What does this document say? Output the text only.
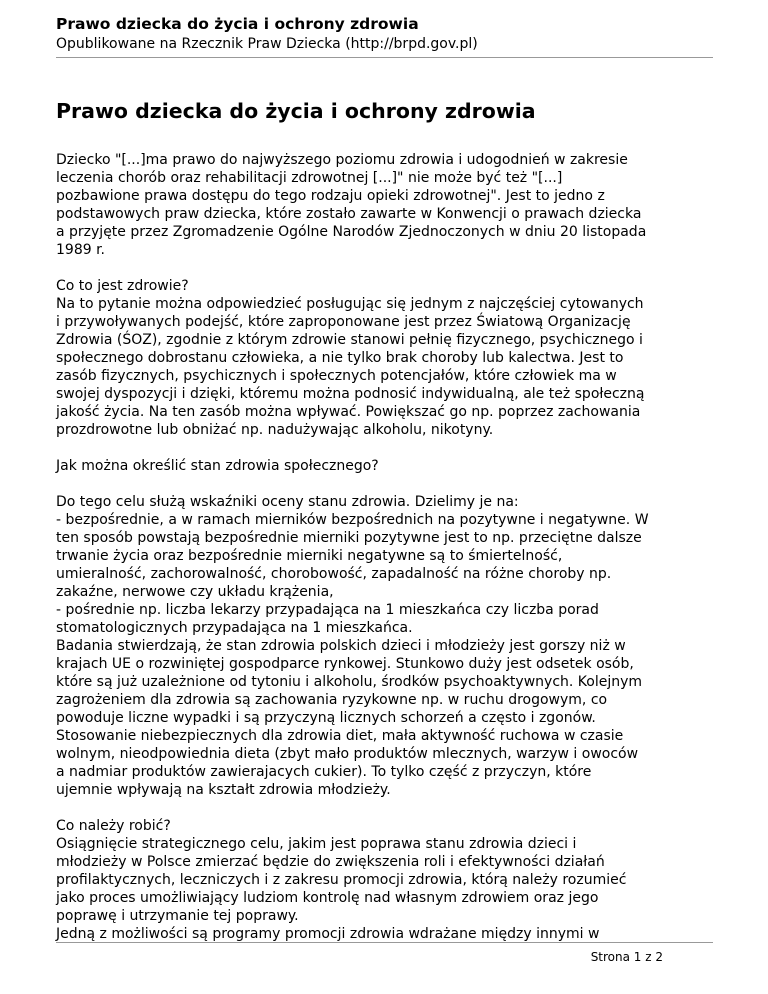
Prawo dziecka do życia i ochrony zdrowia
Opublikowane na Rzecznik Praw Dziecka (http://brpd.gov.pl)
Prawo dziecka do życia i ochrony zdrowia

Dziecko "[...]ma prawo do najwyższego poziomu zdrowia i udogodnień w zakresie
leczenia chorób oraz rehabilitacji zdrowotnej [...]" nie może być też "[...]
pozbawione prawa dostępu do tego rodzaju opieki zdrowotnej". Jest to jedno z
podstawowych praw dziecka, które zostało zawarte w Konwencji o prawach dziecka
a przyjęte przez Zgromadzenie Ogólne Narodów Zjednoczonych w dniu 20 listopada
1989 r.

Co to jest zdrowie?
Na to pytanie można odpowiedzieć posługując się jednym z najczęściej cytowanych
i przywoływanych podejść, które zaproponowane jest przez Światową Organizację
Zdrowia (ŚOZ), zgodnie z którym zdrowie stanowi pełnię fizycznego, psychicznego i
społecznego dobrostanu człowieka, a nie tylko brak choroby lub kalectwa. Jest to
zasób fizycznych, psychicznych i społecznych potencjałów, które człowiek ma w
swojej dyspozycji i dzięki, któremu można podnosić indywidualną, ale też społeczną
jakość życia. Na ten zasób można wpływać. Powiększać go np. poprzez zachowania
prozdrowotne lub obniżać np. nadużywając alkoholu, nikotyny.

Jak można określić stan zdrowia społecznego?

Do tego celu służą wskaźniki oceny stanu zdrowia. Dzielimy je na:
- bezpośrednie, a w ramach mierników bezpośrednich na pozytywne i negatywne. W
ten sposób powstają bezpośrednie mierniki pozytywne jest to np. przeciętne dalsze
trwanie życia oraz bezpośrednie mierniki negatywne są to śmiertelność,
umieralność, zachorowalność, chorobowość, zapadalność na różne choroby np.
zakaźne, nerwowe czy układu krążenia,
- pośrednie np. liczba lekarzy przypadająca na 1 mieszkańca czy liczba porad
stomatologicznych przypadająca na 1 mieszkańca.
Badania stwierdzają, że stan zdrowia polskich dzieci i młodzieży jest gorszy niż w
krajach UE o rozwiniętej gospodparce rynkowej. Stunkowo duży jest odsetek osób,
które są już uzależnione od tytoniu i alkoholu, środków psychoaktywnych. Kolejnym
zagrożeniem dla zdrowia są zachowania ryzykowne np. w ruchu drogowym, co
powoduje liczne wypadki i są przyczyną licznych schorzeń a często i zgonów.
Stosowanie niebezpiecznych dla zdrowia diet, mała aktywność ruchowa w czasie
wolnym, nieodpowiednia dieta (zbyt mało produktów mlecznych, warzyw i owoców
a nadmiar produktów zawierajacych cukier). To tylko część z przyczyn, które
ujemnie wpływają na kształt zdrowia młodzieży.

Co należy robić?
Osiągnięcie strategicznego celu, jakim jest poprawa stanu zdrowia dzieci i
młodzieży w Polsce zmierzać będzie do zwiększenia roli i efektywności działań
profilaktycznych, leczniczych i z zakresu promocji zdrowia, którą należy rozumieć
jako proces umożliwiający ludziom kontrolę nad własnym zdrowiem oraz jego
poprawę i utrzymanie tej poprawy.
Jedną z możliwości są programy promocji zdrowia wdrażane między innymi w

Strona 1 z 2
